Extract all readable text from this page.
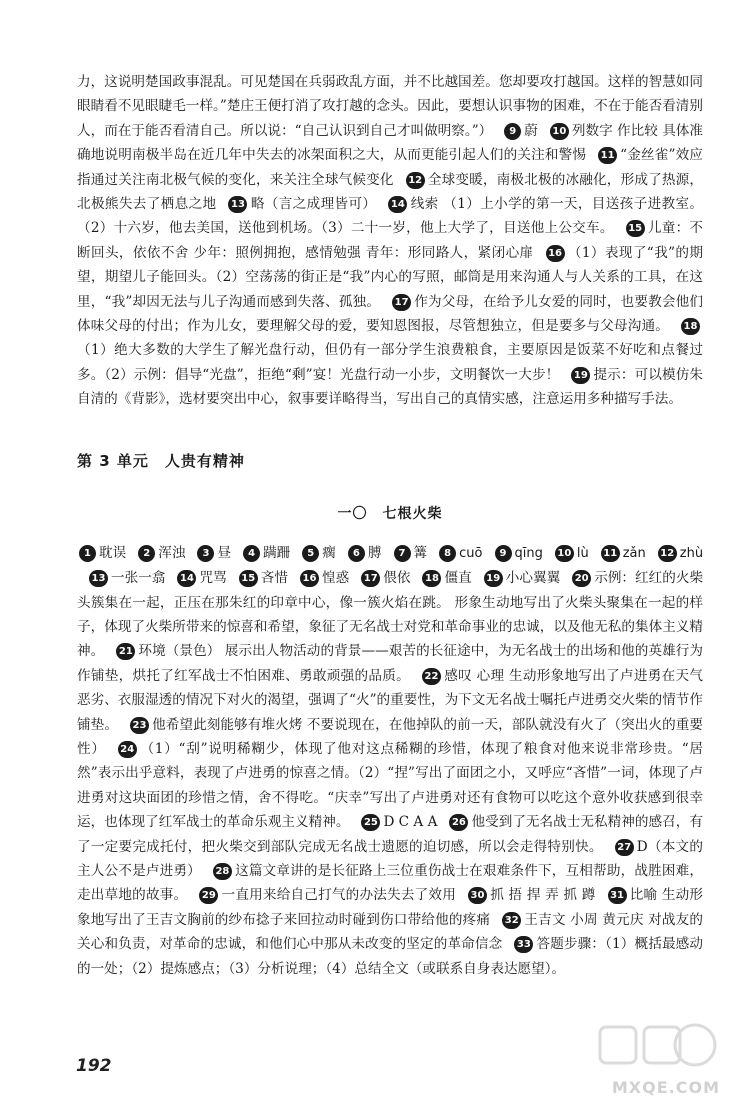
力，这说明楚国政事混乱。可见楚国在兵弱政乱方面，并不比越国差。您却要攻打越国。这样的智慧如同眼睛看不见眼睫毛一样。”楚庄王便打消了攻打越的念头。因此，要想认识事物的困难，不在于能否看清别人，而在于能否看清自己。所以说：“自己认识到自己才叫做明察。”） 9 蔚 10 列数字 作比较 具体准确地说明南极半岛在近几年中失去的冰架面积之大，从而更能引起人们的关注和警惕 11 “金丝雀”效应指通过关注南北极气候的变化，来关注全球气候变化 12 全球变暖，南极北极的冰融化，形成了热源，北极熊失去了栖息之地 13 略（言之成理皆可） 14 线索 （1）上小学的第一天，目送孩子进教室。（2）十六岁，他去美国，送他到机场。（3）二十一岁，他上大学了，目送他上公交车。 15 儿童：不断回头，依依不舍 少年：照例拥抱，感情勉强 青年：形同路人，紧闭心扉 16 （1）表现了“我”的期望，期望儿子能回头。（2）空荡荡的街正是“我”内心的写照，邮筒是用来沟通人与人关系的工具，在这里，“我”却因无法与儿子沟通而感到失落、孤独。 17 作为父母，在给予儿女爱的同时，也要教会他们体味父母的付出；作为儿女，要理解父母的爱，要知恩图报，尽管想独立，但是要多与父母沟通。 18（1）绝大多数的大学生了解光盘行动，但仍有一部分学生浪费粮食，主要原因是饭菜不好吃和点餐过多。（2）示例：倡导“光盘”，拒绝“剩”宴！光盘行动一小步，文明餐饮一大步！ 19 提示：可以模仿朱自清的《背影》，选材要突出中心，叙事要详略得当，写出自己的真情实感，注意运用多种描写手法。

第 3 单元　人贵有精神
一〇　七根火柴

1 耽误 2 浑浊 3 昼 4 蹒跚 5 瘸 6 膊 7 篝 8 cuō 9 qīng 10 lù 11 zǎn 12 zhù13 一张一翕 14 咒骂 15 吝惜 16 惶惑 17 偎依 18 僵直 19 小心翼翼 20 示例：红红的火柴头簇集在一起，正压在那朱红的印章中心，像一簇火焰在跳。 形象生动地写出了火柴头聚集在一起的样子，体现了火柴所带来的惊喜和希望，象征了无名战士对党和革命事业的忠诚，以及他无私的集体主义精神。 21 环境（景色） 展示出人物活动的背景——艰苦的长征途中，为无名战士的出场和他的英雄行为作铺垫，烘托了红军战士不怕困难、勇敢顽强的品质。 22 感叹 心理 生动形象地写出了卢进勇在天气恶劣、衣服湿透的情况下对火的渴望，强调了“火”的重要性，为下文无名战士嘱托卢进勇交火柴的情节作铺垫。 23 他希望此刻能够有堆火烤 不要说现在，在他掉队的前一天，部队就没有火了（突出火的重要性） 24 （1）“刮”说明稀糊少，体现了他对这点稀糊的珍惜，体现了粮食对他来说非常珍贵。“居然”表示出乎意料，表现了卢进勇的惊喜之情。（2）“捏”写出了面团之小，又呼应“吝惜”一词，体现了卢进勇对这块面团的珍惜之情，舍不得吃。“庆幸”写出了卢进勇对还有食物可以吃这个意外收获感到很幸运，也体现了红军战士的革命乐观主义精神。 25 D C A A 26 他受到了无名战士无私精神的感召，有了一定要完成托付，把火柴交到部队完成无名战士遗愿的迫切感，所以会走得特别快。 27 D（本文的主人公不是卢进勇） 28 这篇文章讲的是长征路上三位重伤战士在艰难条件下，互相帮助，战胜困难，走出草地的故事。 29 一直用来给自己打气的办法失去了效用 30 抓 捂 捍 弄 抓 蹲 31 比喻 生动形象地写出了王吉文胸前的纱布捻子来回拉动时碰到伤口带给他的疼痛 32 王吉文 小周 黄元庆 对战友的关心和负责，对革命的忠诚，和他们心中那从未改变的坚定的革命信念 33 答题步骤：（1）概括最感动的一处；（2）提炼感点；（3）分析说理；（4）总结全文（或联系自身表达愿望）。

192
MXQE.COM
